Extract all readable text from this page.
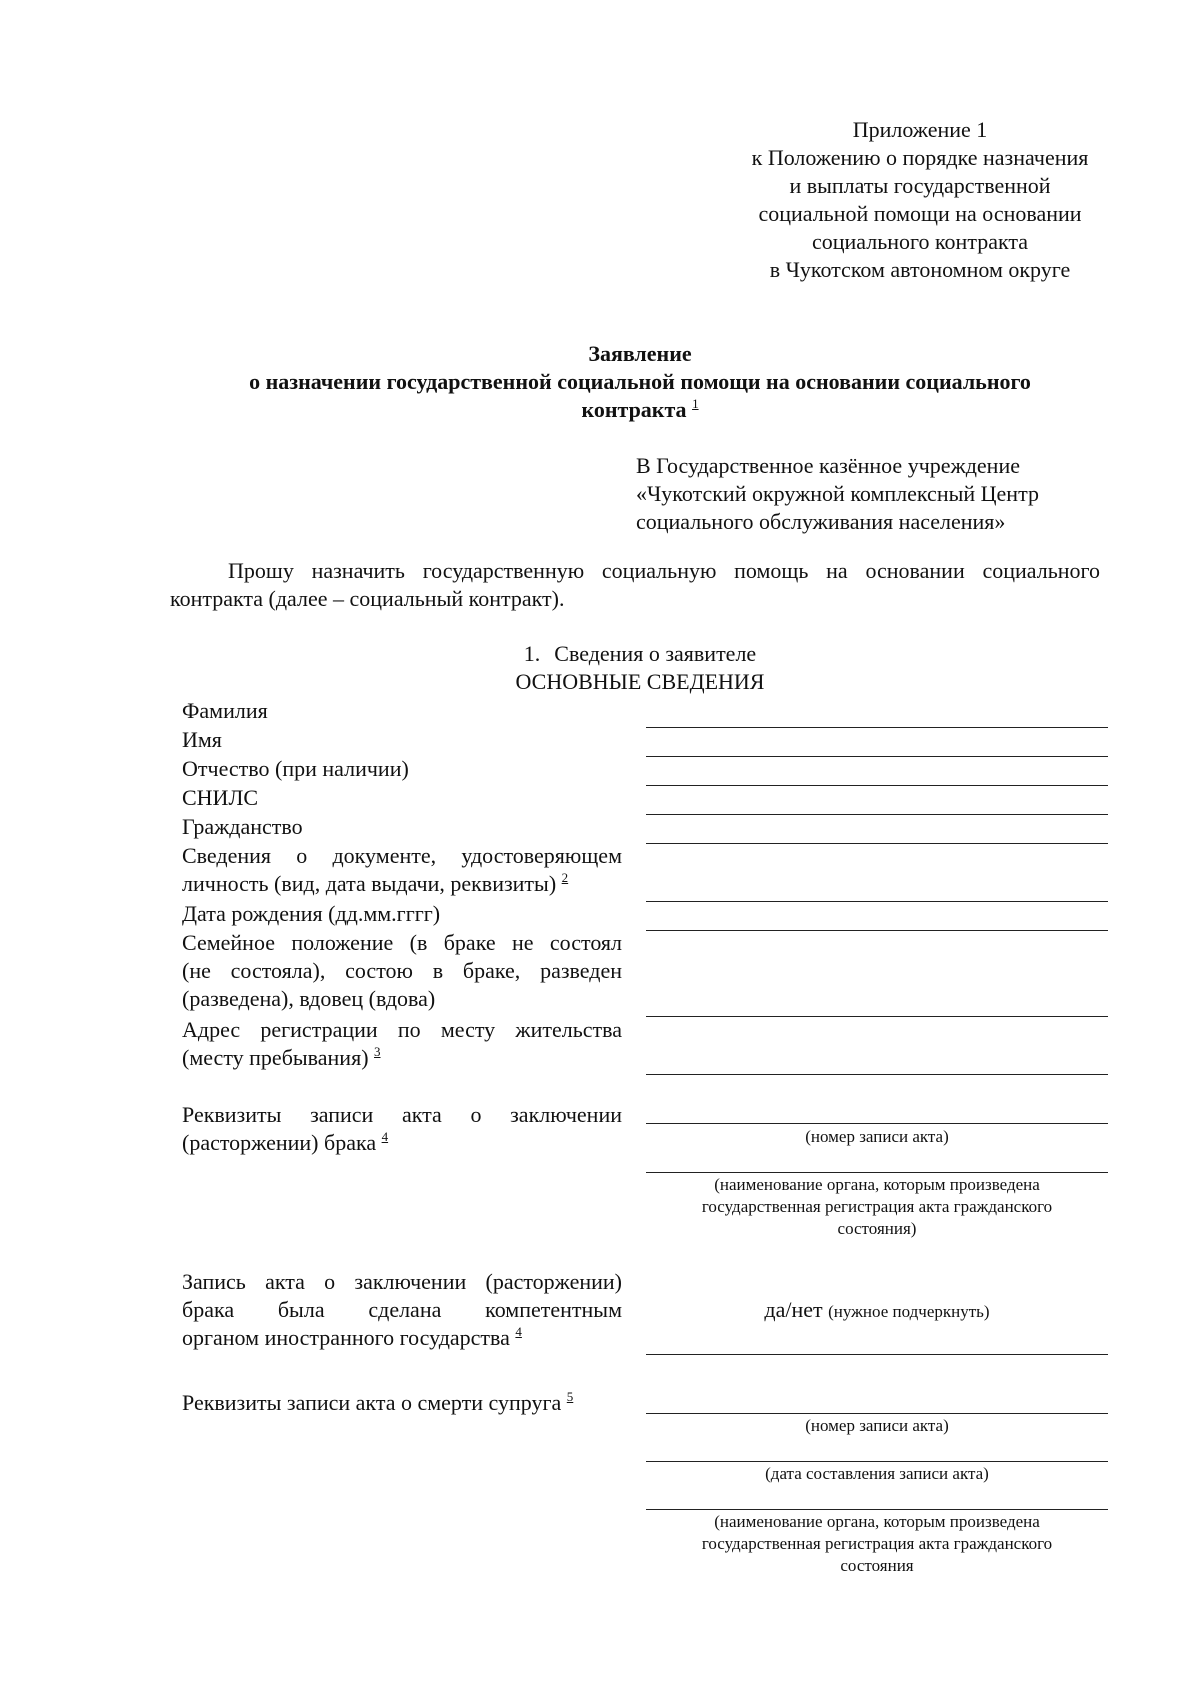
Приложение 1
к Положению о порядке назначения
и выплаты государственной
социальной помощи на основании
социального контракта
в Чукотском автономном округе
Заявление
о назначении государственной социальной помощи на основании социального
контракта $^1$
В Государственное казённое учреждение
«Чукотский окружной комплексный Центр
социального обслуживания населения»
Прошу назначить государственную социальную помощь на основании социального контракта (далее – социальный контракт).
1. Сведения о заявителе
ОСНОВНЫЕ СВЕДЕНИЯ
Фамилия
Имя
Отчество (при наличии)
СНИЛС
Гражданство
Сведения о документе, удостоверяющем
личность (вид, дата выдачи, реквизиты) $^2$
Дата рождения (дд.мм.гггг)
Семейное положение (в браке не состоял
(не состояла), состою в браке, разведен
(разведена), вдовец (вдова)
Адрес регистрации по месту жительства
(месту пребывания) $^3$
Реквизиты записи акта о заключении
(расторжении) брака $^4$	(номер записи акта)
(наименование органа, которым произведена
государственная регистрация акта гражданского
состояния)
Запись акта о заключении (расторжении)
брака была сделана компетентным
органом иностранного государства $^4$
да/нет (нужное подчеркнуть)
Реквизиты записи акта о смерти супруга $^5$
(номер записи акта)
(дата составления записи акта)
(наименование органа, которым произведена
государственная регистрация акта гражданского
состояния
